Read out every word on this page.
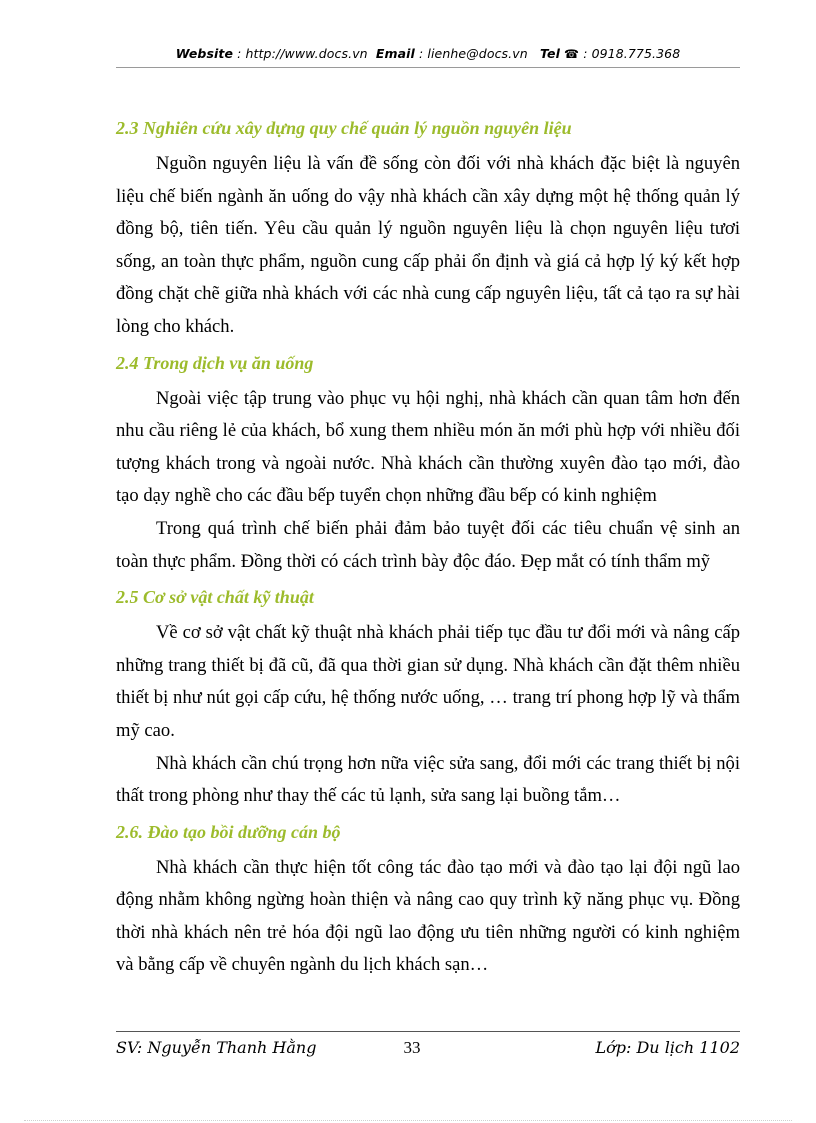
Website : http://www.docs.vn Email : lienhe@docs.vn Tel ☎ : 0918.775.368

2.3 Nghiên cứu xây dựng quy chế quản lý nguồn nguyên liệu

Nguồn nguyên liệu là vấn đề sống còn đối với nhà khách đặc biệt là nguyên liệu chế biến ngành ăn uống do vậy nhà khách cần xây dựng một hệ thống quản lý đồng bộ, tiên tiến. Yêu cầu quản lý nguồn nguyên liệu là chọn nguyên liệu tươi sống, an toàn thực phẩm, nguồn cung cấp phải ổn định và giá cả hợp lý ký kết hợp đồng chặt chẽ giữa nhà khách với các nhà cung cấp nguyên liệu, tất cả tạo ra sự hài lòng cho khách.

2.4 Trong dịch vụ ăn uống

Ngoài việc tập trung vào phục vụ hội nghị, nhà khách cần quan tâm hơn đến nhu cầu riêng lẻ của khách, bổ xung them nhiều món ăn mới phù hợp với nhiều đối tượng khách trong và ngoài nước. Nhà khách cần thường xuyên đào tạo mới, đào tạo dạy nghề cho các đầu bếp tuyển chọn những đầu bếp có kinh nghiệm

Trong quá trình chế biến phải đảm bảo tuyệt đối các tiêu chuẩn vệ sinh an toàn thực phẩm. Đồng thời có cách trình bày độc đáo. Đẹp mắt có tính thẩm mỹ

2.5 Cơ sở vật chất kỹ thuật

Về cơ sở vật chất kỹ thuật nhà khách phải tiếp tục đầu tư đổi mới và nâng cấp những trang thiết bị đã cũ, đã qua thời gian sử dụng. Nhà khách cần đặt thêm nhiều thiết bị như nút gọi cấp cứu, hệ thống nước uống, … trang trí phong hợp lỹ và thẩm mỹ cao.

Nhà khách cần chú trọng hơn nữa việc sửa sang, đổi mới các trang thiết bị nội thất trong phòng như thay thế các tủ lạnh, sửa sang lại buồng tắm…

2.6. Đào tạo bồi dưỡng cán bộ

Nhà khách cần thực hiện tốt công tác đào tạo mới và đào tạo lại đội ngũ lao động nhằm không ngừng hoàn thiện và nâng cao quy trình kỹ năng phục vụ. Đồng thời nhà khách nên trẻ hóa đội ngũ lao động ưu tiên những người có kinh nghiệm và bằng cấp về chuyên ngành du lịch khách sạn…

SV: Nguyễn Thanh Hằng	33	Lớp: Du lịch 1102
